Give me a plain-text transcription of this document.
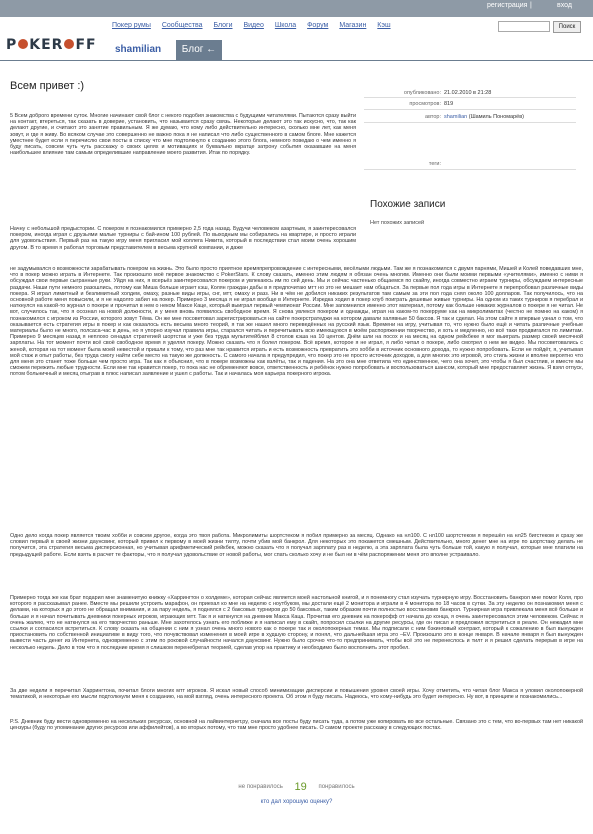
регистрация |	вход
P KER FF
Покер румы Сообщества Блоги Видео Школа Форум Магазин Кэш	Поиск
shamilian	Блог ←
Всем привет :)

5 Всем доброго времени суток. Многие начинают свой блог с некого подобия знакомства с будущими читателями. Пытаются сразу выйти на контакт, втереться, так сказать в доверие, установить, что называется сразу связь. Некоторые делают это так искусно, что, так как делают другие, и считают это занятие правильным. Я же думаю, что кому либо действительно интересно, сколько мне лет, как меня зовут, и где я живу. Во всяком случае это совершенно не важно пока я не написал что либо существенного в самом блоге. Мне кажется уместнее будет если я перечислю свои посты в списку что мне подтолкнуло к созданию этого блога, немного поведаю о чем именно я буду писать, совсем чуть чуть расскажу о своих целях и мотивациях и буквально вкратце затрону события оказавшие на меня наибольшее влияние там самым определившие направление моего развития. Итак по порядку.

Начну с небольшой предыстории. С покером я познакомился примерно 2,5 года назад. Будучи человеком азартным, я заинтересовался покером, иногда играя с друзьями малые турниры с бай-ином 100 рублей. По выходным мы собирались на квартире, и просто играли для удовольствия. Первый раз на такую игру меня пригласил мой коллега Никита, который в последствии стал моим очень хорошим другом. В то время я работал торговым представителем в весьма крупной компании, и даже

не задумывался о возможности зарабатывать покером на жизнь. Это было просто приятное времяпрепровождение с интересными, весёлыми людьми. Там же я познакомился с двумя парнями, Мишей и Колей поведавших мне, что в покер можно играть в Интернете. Так произошло моё первое знакомство с PokerStars. К слову сказать, именно этим людям я обязан очень многим. Именно они были моими первыми «учителями», именно с ними я обсуждал свои первые сыгранные руки. Уйдя на них, я всерьёз заинтересовался покером и увлекаюсь им по сей день. Мы и сейчас частенько общаемся по скайпу, иногда совместно играем турниры, обсуждаем интересные раздачи. Наши пути немного разошлись, потому как Миша больше играет кэш, Колян граждан дабы в я предпочитаю мтт но это не мешает нам общаться. За первые пол года игры в Интернете я перепробовал различные виды покера. Я играл лимитный и безлимитный холдем, омаху, разные виды игры, снг, мтт, омаху и разз. Ни в чём не добился никаких результатов там самым за эти пол года снял около 100 долларов. Так получилось, что на основной работе меня повысили, и я не надолго забил на покер. Примерно 3 месяца я не играл вообще в Интернете. Изредка ходил в покер клуб поиграть дешевые живые турниры. На одном из таких турниров я перебрал и наткнулся на какой-то журнал о покере и прочитал в нем о неком Максе Каце, который выиграл первый чемпионат России. Мне запомнился именно этот материал, потому как больше никаких журналов о покере я не читал. Не вот, случилось так, что я осознал на новой должности, и у меня вновь появилось свободное время. Я снова увлекся покером и однажды, играя на каком-то покерруме как на микролимитах (честно не помню на каком) я познакомился с игроком из России, которого зовут Тёма. Он же мне посоветовал зарегистрироваться на сайте покерстратеджи на котором давали халявные 50 баксов. Я так и сделал. На этом сайте я впервые узнал о том, что оказывается есть стратегия игры в покер и как оказалось есть весьма много теорий, я так же нашел много переведённых на русский язык. Времени на игру, учитывая то, что нужно было ещё и читать различные учебные материалы было не много, полсаса-час в день, но я упорно изучал правила игры, старался читать и перечитывать всю имеющуюся в моём распоряжении творчество, и хоть и медленно, но всё таки продвигался по лимитам. Примерно 9 месяцев назад я неплохо сенадал стратегией шортстак и уже без труда мультитейблил 8 столов кэша на 10 центов. Днём шли на посох и на месяц на одном рейкбеке я мог выиграть размер своей месячной зарплаты. На тот момент почти всё своё свободное время я уделял покеру. Можно сказать что я болел покером. Всё время, которое я не играл, я либо читал о покере, либо смотрел о нем же видео. Мы посоветовались с женой, которая на тот момент была моей невестой и пришли к тому, что раз мне так нравится играть и есть возможность превратить это хобби в источник основного дохода, то нужно попробовать. Если не пойдёт, я, учитывая мой стаж и опыт работы, без труда смогу найти себе место на такую же должность. С самого начала я предупредил, что покер это не просто источник доходов, а для многих это игровой, это стиль жизни и вполне вероятно что для меня это станет тоже больше чем просто игра. Так как я объяснил, что в покере возможны как взлёты, так и падения. На это она мне ответила что единственное, чего она хочет, это чтобы я был счастлив, и вместе мы сможем пережить любые трудности. Если мне так нравится покер, то пока нас не обременяют вовсе, ответственность и ребёнок нужно попробовать и воспользоваться шансом, который мне предоставляет жизнь. Я взял отпуск, потом больничный и месяц отыграв в плюс написал заявление и ушел с работы. Так и началась моя карьера покерного игрока.

Одно дело когда покер является твоим хобби и совсем другое, когда это твоя работа. Микролимиты шортстеком я побил примерно за месяц. Однако на нл100. С нл100 шортстеком я перешёл на нл25 бигстеком и сразу же словил первый в своей жизни даунсвинг, который привел к первому в моей жизни тилту, почти убив мой банкрол. Для некоторых это покажется смешным. Действительно, много денег мне на игре по шортстаку делать не получится, эта стратегия весьма дисперсионная, но учитывая арифметический рейкбек, можно сказать что я получал зарплату раз в неделю, а эта зарплата была чуть больше той, какую я получал, которые мне платили на предыдущей работе. Если взять в расчет те факторы, что я получал удовольствие от новой работы, мог спать сколько хочу и не был ни в чём распоряжении меня это вполне устраивало.

Примерно тогда же как брат подарил мне знаменитую книжку «Харрингтон о холдеме», которая сейчас является моей настольной книгой, и я понемногу стал изучать турнирную игру. Восстановить банкрол мне помог Коля, про которого я рассказывал ранее. Вместе мы решили устроить марафон, он приехал ко мне на неделю с ноутбуком, мы достали ещё 2 монитора и играли в 4 монитора по 18 часов в сутки. За эту неделю он познакомил меня с делами, на которых я до этого не обращал внимания, и за пару недель, я поднялся с 2 баксовых турниров до 50 баксовых, таким образом почти полностью восстановив банкрол. Турнирная игра привлекала меня всё больше и больше и я начал почитывать дневники покерных игроков, играющих мтт. Так я и наткнулся на дневник Макса Каца. Прочитав его дневник на покерофф от начала до конца, я очень заинтересовался этим человеком. Сейчас я очень жалею, что не наткнулся на его творчество раньше. Мне захотелось узнать его поближе и я написал ему в скайп, попросил ссылки на другие ресурсы, где он писал и предложил встретиться в реале. Он нежадил мне ссылки и согласился встретиться. К слову сказать на общении с ним я узнал очень много нового как о покере так и околопокерных темах. Мы подписали с ним бэкинговый контракт, который к сожалению в был вынужден приостановить по собственной инициативе в виду того, что почувствовал изменения в моей игре в худшую сторону, и понял, что дальнейшая игра это –EV. Произошло это в конце января. В начале января я был вынужден вывести часть денег из Интернета, одновременно с этим по роковой случайности начался даунсвинг. Нужно было срочно что-то предпринимать, чтобы всё это не перенеслось и тилт и я решил сделать перерыв в игре на несколько недель. Дело в том что я последние время я слишком перенебрегал теорией, сделав упор на практику и необходимо было восполнить этот пробел.

За две недели я перечитал Харрингтона, почитал блоги многих мтт игроков. Я искал новый способ минимизации дисперсии и повышения уровня своей игры. Хочу отметить, что читая блог Макса я уловил околопокерной тематикой, и некоторые его мысли подтолкнули меня к созданию, на мой взгляд, очень интересного проекта. Об этом я буду писать. Надеюсь, что кому-нибудь это будет интересно. Ну вот, в принципе и познакомились...

P.S. Дневник буду вести одновременно на нескольких ресурсах, основной на лайвинтернет.ру, сначала все посты буду писать туда, а потом уже копировать во все остальные. Связано это с тем, что во-первых там нет никакой цензуры (буду по упоминание других ресурсов или аффилейтов), а во вторых потому, что там мне просто удобнее писать. О самом проекте расскажу в следующих постах.

опубликовано: 21.02.2010 в 21:28
просмотров: 819
автор: shamilian (Шамиль Пономарёв)
теги:
Похожие записи
Нет похожих записей
не понравилось 19 понравилось
кто дал хорошую оценку?
